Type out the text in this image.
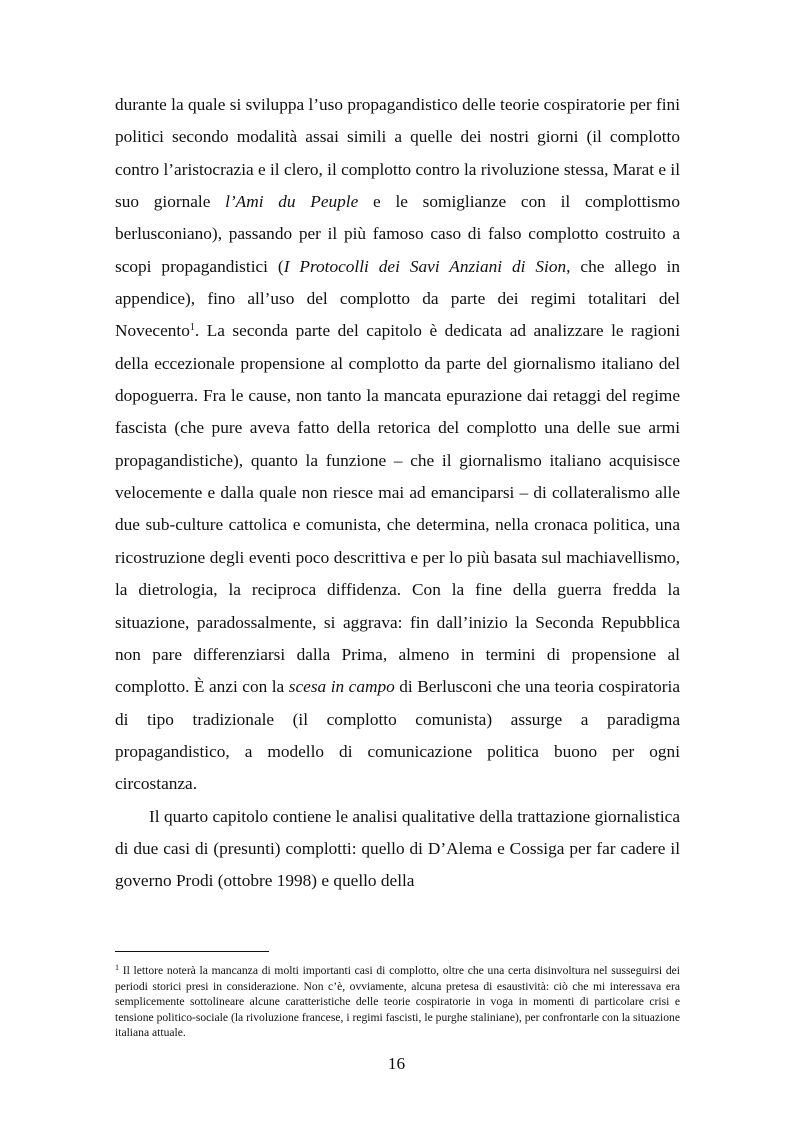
durante la quale si sviluppa l’uso propagandistico delle teorie cospiratorie per fini politici secondo modalità assai simili a quelle dei nostri giorni (il complotto contro l’aristocrazia e il clero, il complotto contro la rivoluzione stessa, Marat e il suo giornale l’Ami du Peuple e le somiglianze con il complottismo berlusconiano), passando per il più famoso caso di falso complotto costruito a scopi propagandistici (I Protocolli dei Savi Anziani di Sion, che allego in appendice), fino all’uso del complotto da parte dei regimi totalitari del Novecento$^1$. La seconda parte del capitolo è dedicata ad analizzare le ragioni della eccezionale propensione al complotto da parte del giornalismo italiano del dopoguerra. Fra le cause, non tanto la mancata epurazione dai retaggi del regime fascista (che pure aveva fatto della retorica del complotto una delle sue armi propagandistiche), quanto la funzione – che il giornalismo italiano acquisisce velocemente e dalla quale non riesce mai ad emanciparsi – di collateralismo alle due sub-culture cattolica e comunista, che determina, nella cronaca politica, una ricostruzione degli eventi poco descrittiva e per lo più basata sul machiavellismo, la dietrologia, la reciproca diffidenza. Con la fine della guerra fredda la situazione, paradossalmente, si aggrava: fin dall’inizio la Seconda Repubblica non pare differenziarsi dalla Prima, almeno in termini di propensione al complotto. È anzi con la scesa in campo di Berlusconi che una teoria cospiratoria di tipo tradizionale (il complotto comunista) assurge a paradigma propagandistico, a modello di comunicazione politica buono per ogni circostanza.

Il quarto capitolo contiene le analisi qualitative della trattazione giornalistica di due casi di (presunti) complotti: quello di D’Alema e Cossiga per far cadere il governo Prodi (ottobre 1998) e quello della

$^1$ Il lettore noterà la mancanza di molti importanti casi di complotto, oltre che una certa disinvoltura nel susseguirsi dei periodi storici presi in considerazione. Non c’è, ovviamente, alcuna pretesa di esaustività: ciò che mi interessava era semplicemente sottolineare alcune caratteristiche delle teorie cospiratorie in voga in momenti di particolare crisi e tensione politico-sociale (la rivoluzione francese, i regimi fascisti, le purghe staliniane), per confrontarle con la situazione italiana attuale.

16
